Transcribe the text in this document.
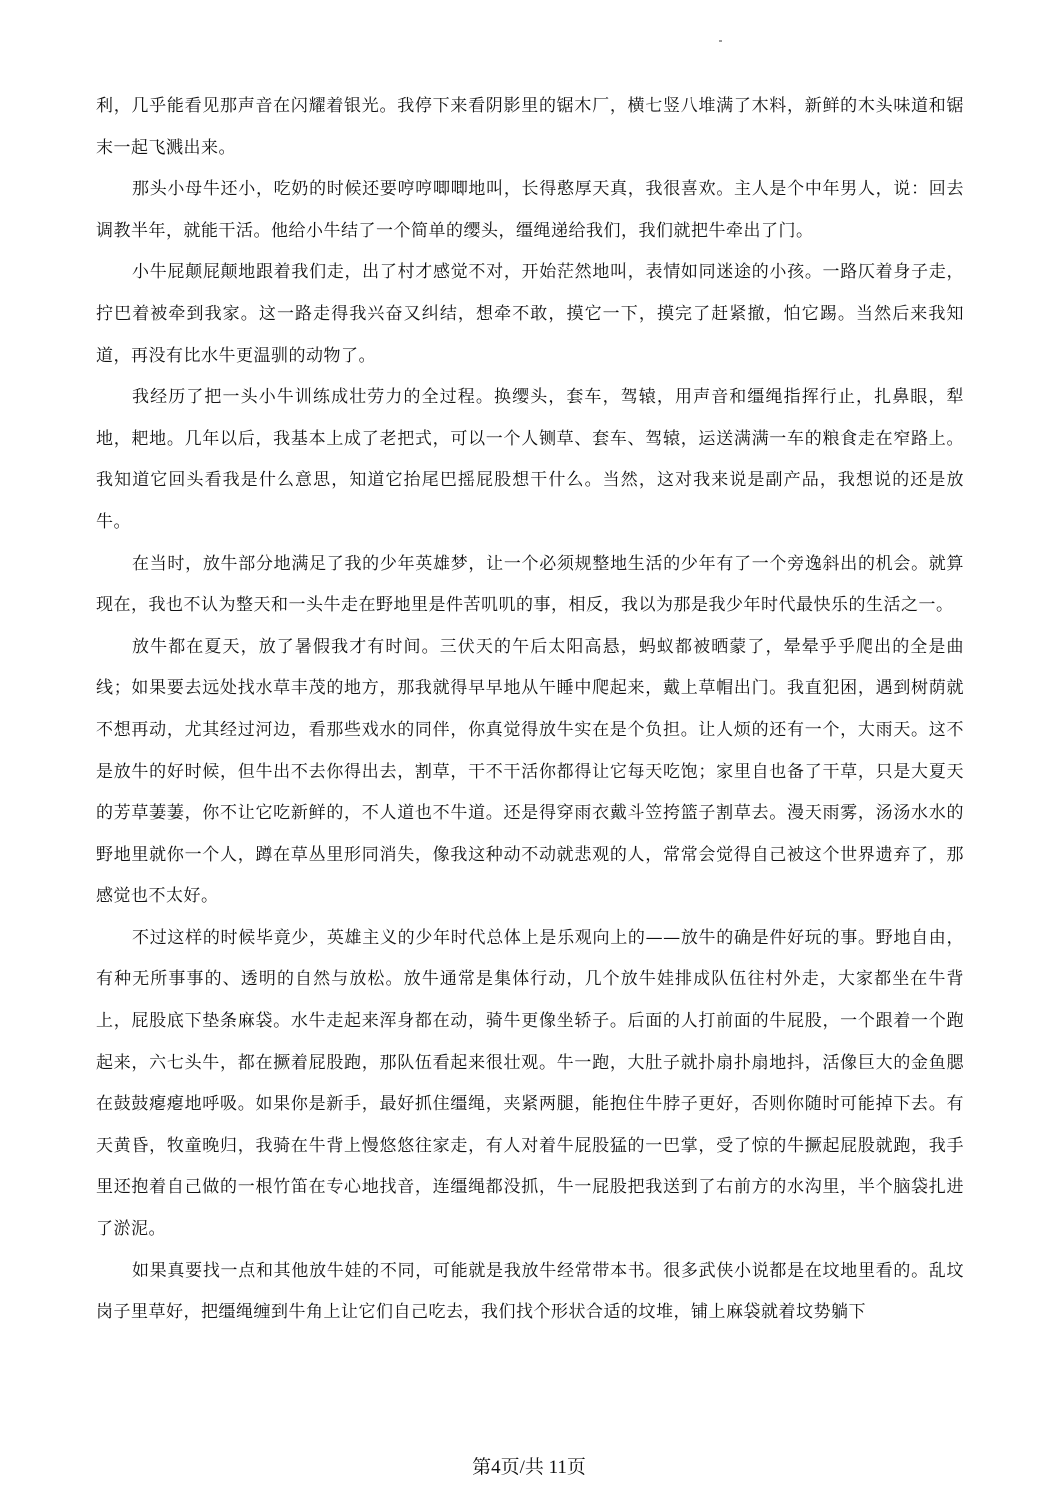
利，几乎能看见那声音在闪耀着银光。我停下来看阴影里的锯木厂，横七竖八堆满了木料，新鲜的木头味道和锯末一起飞溅出来。

那头小母牛还小，吃奶的时候还要哼哼唧唧地叫，长得憨厚天真，我很喜欢。主人是个中年男人，说：回去调教半年，就能干活。他给小牛结了一个简单的缨头，缰绳递给我们，我们就把牛牵出了门。

小牛屁颠屁颠地跟着我们走，出了村才感觉不对，开始茫然地叫，表情如同迷途的小孩。一路仄着身子走，拧巴着被牵到我家。这一路走得我兴奋又纠结，想牵不敢，摸它一下，摸完了赶紧撤，怕它踢。当然后来我知道，再没有比水牛更温驯的动物了。

我经历了把一头小牛训练成壮劳力的全过程。换缨头，套车，驾辕，用声音和缰绳指挥行止，扎鼻眼，犁地，耙地。几年以后，我基本上成了老把式，可以一个人铡草、套车、驾辕，运送满满一车的粮食走在窄路上。我知道它回头看我是什么意思，知道它抬尾巴摇屁股想干什么。当然，这对我来说是副产品，我想说的还是放牛。

在当时，放牛部分地满足了我的少年英雄梦，让一个必须规整地生活的少年有了一个旁逸斜出的机会。就算现在，我也不认为整天和一头牛走在野地里是件苦叽叽的事，相反，我以为那是我少年时代最快乐的生活之一。

放牛都在夏天，放了暑假我才有时间。三伏天的午后太阳高悬，蚂蚁都被晒蒙了，晕晕乎乎爬出的全是曲线；如果要去远处找水草丰茂的地方，那我就得早早地从午睡中爬起来，戴上草帽出门。我直犯困，遇到树荫就不想再动，尤其经过河边，看那些戏水的同伴，你真觉得放牛实在是个负担。让人烦的还有一个，大雨天。这不是放牛的好时候，但牛出不去你得出去，割草，干不干活你都得让它每天吃饱；家里自也备了干草，只是大夏天的芳草萋萋，你不让它吃新鲜的，不人道也不牛道。还是得穿雨衣戴斗笠挎篮子割草去。漫天雨雾，汤汤水水的野地里就你一个人，蹲在草丛里形同消失，像我这种动不动就悲观的人，常常会觉得自己被这个世界遗弃了，那感觉也不太好。

不过这样的时候毕竟少，英雄主义的少年时代总体上是乐观向上的——放牛的确是件好玩的事。野地自由，有种无所事事的、透明的自然与放松。放牛通常是集体行动，几个放牛娃排成队伍往村外走，大家都坐在牛背上，屁股底下垫条麻袋。水牛走起来浑身都在动，骑牛更像坐轿子。后面的人打前面的牛屁股，一个跟着一个跑起来，六七头牛，都在撅着屁股跑，那队伍看起来很壮观。牛一跑，大肚子就扑扇扑扇地抖，活像巨大的金鱼腮在鼓鼓瘪瘪地呼吸。如果你是新手，最好抓住缰绳，夹紧两腿，能抱住牛脖子更好，否则你随时可能掉下去。有天黄昏，牧童晚归，我骑在牛背上慢悠悠往家走，有人对着牛屁股猛的一巴掌，受了惊的牛撅起屁股就跑，我手里还抱着自己做的一根竹笛在专心地找音，连缰绳都没抓，牛一屁股把我送到了右前方的水沟里，半个脑袋扎进了淤泥。

如果真要找一点和其他放牛娃的不同，可能就是我放牛经常带本书。很多武侠小说都是在坟地里看的。乱坟岗子里草好，把缰绳缠到牛角上让它们自己吃去，我们找个形状合适的坟堆，铺上麻袋就着坟势躺下

第4页/共 11页
